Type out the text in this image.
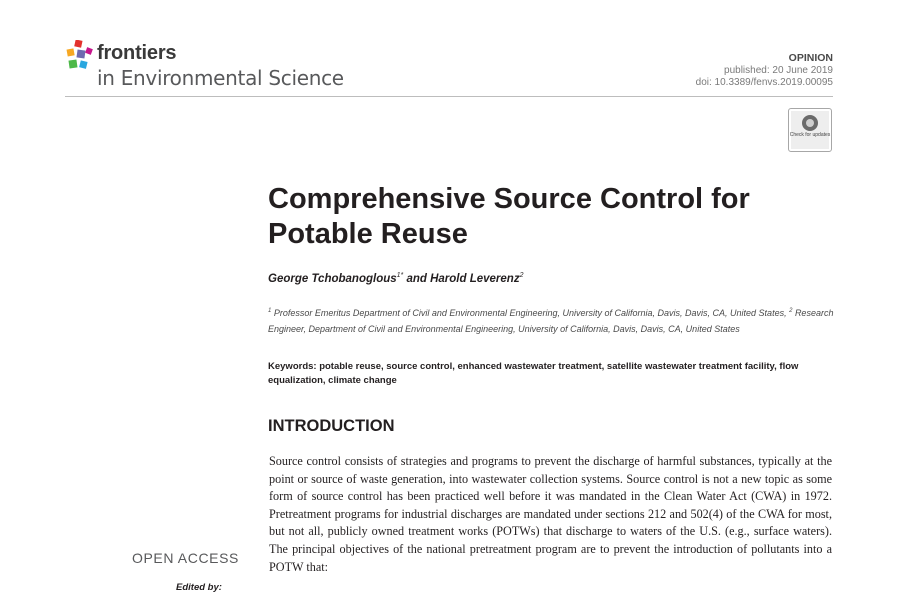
frontiers
in Environmental Science
OPINION
published: 20 June 2019
doi: 10.3389/fenvs.2019.00095
Check for updates
Comprehensive Source Control for Potable Reuse
George Tchobanoglous$^{1*}$ and Harold Leverenz$^2$
$^1$ Professor Emeritus Department of Civil and Environmental Engineering, University of California, Davis, Davis, CA, United States, $^2$ Research Engineer, Department of Civil and Environmental Engineering, University of California, Davis, Davis, CA, United States
Keywords: potable reuse, source control, enhanced wastewater treatment, satellite wastewater treatment facility, flow equalization, climate change
INTRODUCTION
Source control consists of strategies and programs to prevent the discharge of harmful substances, typically at the point or source of waste generation, into wastewater collection systems. Source control is not a new topic as some form of source control has been practiced well before it was mandated in the Clean Water Act (CWA) in 1972. Pretreatment programs for industrial discharges are mandated under sections 212 and 502(4) of the CWA for most, but not all, publicly owned treatment works (POTWs) that discharge to waters of the U.S. (e.g., surface waters). The principal objectives of the national pretreatment program are to prevent the introduction of pollutants into a POTW that:
OPEN ACCESS
Edited by:
